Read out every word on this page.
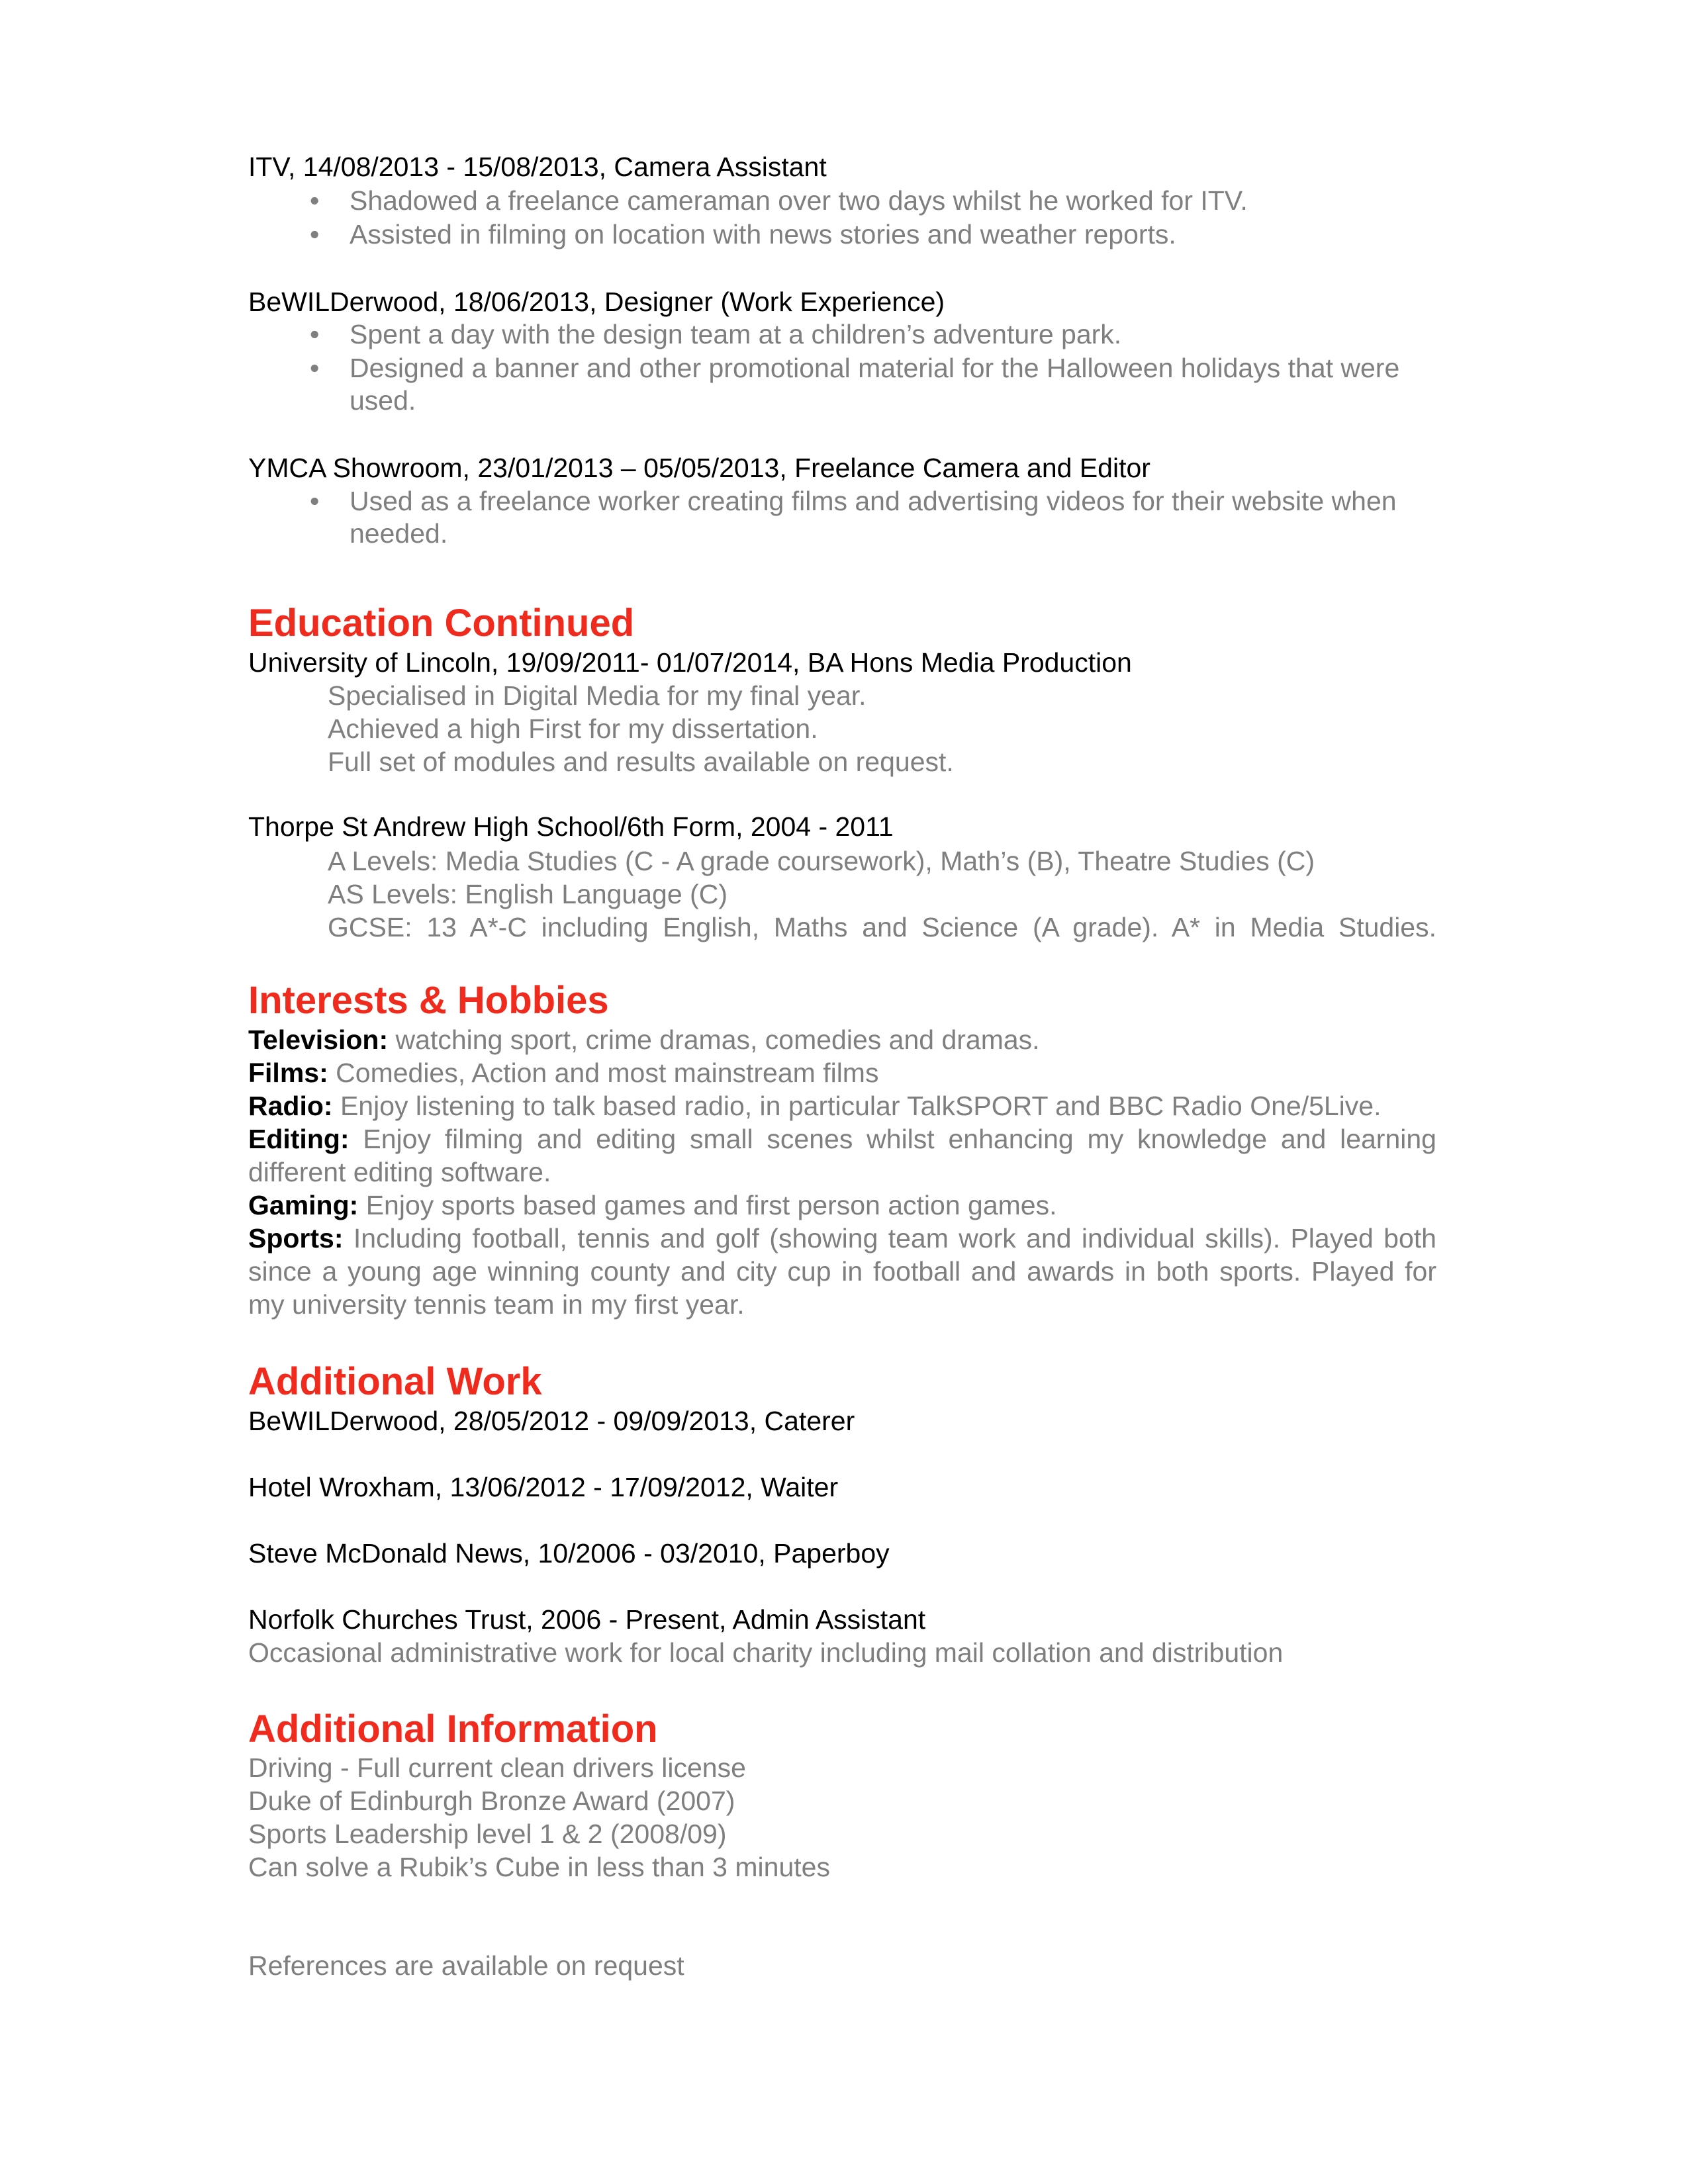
ITV, 14/08/2013 - 15/08/2013, Camera Assistant
• Shadowed a freelance cameraman over two days whilst he worked for ITV.
• Assisted in filming on location with news stories and weather reports.
BeWILDerwood, 18/06/2013, Designer (Work Experience)
• Spent a day with the design team at a children’s adventure park.
• Designed a banner and other promotional material for the Halloween holidays that were
used.
YMCA Showroom, 23/01/2013 – 05/05/2013, Freelance Camera and Editor
• Used as a freelance worker creating films and advertising videos for their website when
needed.
Education Continued
University of Lincoln, 19/09/2011- 01/07/2014, BA Hons Media Production
Specialised in Digital Media for my final year.
Achieved a high First for my dissertation.
Full set of modules and results available on request.
Thorpe St Andrew High School/6th Form, 2004 - 2011
A Levels: Media Studies (C - A grade coursework), Math’s (B), Theatre Studies (C)
AS Levels: English Language (C)
GCSE: 13 A*-C including English, Maths and Science (A grade). A* in Media Studies.
Interests & Hobbies
Television: watching sport, crime dramas, comedies and dramas.
Films: Comedies, Action and most mainstream films
Radio: Enjoy listening to talk based radio, in particular TalkSPORT and BBC Radio One/5Live.
Editing: Enjoy filming and editing small scenes whilst enhancing my knowledge and learning
different editing software.
Gaming: Enjoy sports based games and first person action games.
Sports: Including football, tennis and golf (showing team work and individual skills). Played both
since a young age winning county and city cup in football and awards in both sports. Played for
my university tennis team in my first year.
Additional Work
BeWILDerwood, 28/05/2012 - 09/09/2013, Caterer
Hotel Wroxham, 13/06/2012 - 17/09/2012, Waiter
Steve McDonald News, 10/2006 - 03/2010, Paperboy
Norfolk Churches Trust, 2006 - Present, Admin Assistant
Occasional administrative work for local charity including mail collation and distribution
Additional Information
Driving - Full current clean drivers license
Duke of Edinburgh Bronze Award (2007)
Sports Leadership level 1 & 2 (2008/09)
Can solve a Rubik’s Cube in less than 3 minutes
References are available on request
